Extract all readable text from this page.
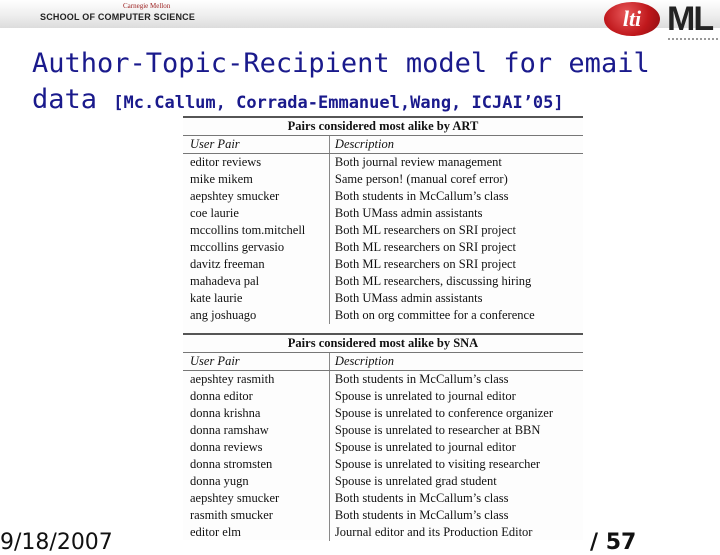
Carnegie Mellon
SCHOOL OF COMPUTER SCIENCE	lti ML
Author-Topic-Recipient model for email
data [Mc.Callum, Corrada-Emmanuel,Wang, ICJAI’05]
Pairs considered most alike by ART
User Pair	Description
editor reviews	Both journal review management
mike mikem	Same person! (manual coref error)
aepshtey smucker	Both students in McCallum’s class
coe laurie	Both UMass admin assistants
mccollins tom.mitchell	Both ML researchers on SRI project
mccollins gervasio	Both ML researchers on SRI project
davitz freeman	Both ML researchers on SRI project
mahadeva pal	Both ML researchers, discussing hiring
kate laurie	Both UMass admin assistants
ang joshuago	Both on org committee for a conference
Pairs considered most alike by SNA
User Pair	Description
aepshtey rasmith	Both students in McCallum’s class
donna editor	Spouse is unrelated to journal editor
donna krishna	Spouse is unrelated to conference organizer
donna ramshaw	Spouse is unrelated to researcher at BBN
donna reviews	Spouse is unrelated to journal editor
donna stromsten	Spouse is unrelated to visiting researcher
donna yugn	Spouse is unrelated grad student
aepshtey smucker	Both students in McCallum’s class
rasmith smucker	Both students in McCallum’s class
editor elm	Journal editor and its Production Editor
9/18/2007	/ 57
